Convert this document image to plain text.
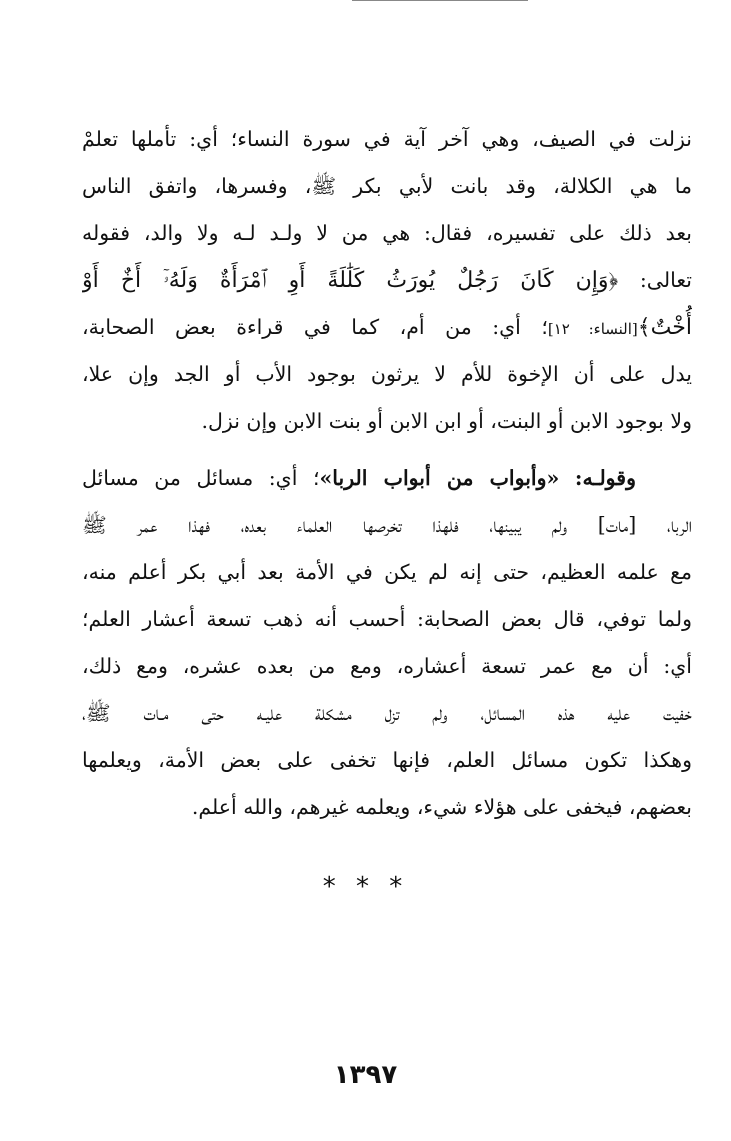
نزلت في الصيف، وهي آخر آية في سورة النساء؛ أي: تأملها تعلمْ
ما هي الكلالة، وقد بانت لأبي بكر ﷺ، وفسرها، واتفق الناس
بعد ذلك على تفسيره، فقال: هي من لا ولـد لـه ولا والد، فقوله
تعالى: ﴿وَإِن كَانَ رَجُلٌ يُورَثُ كَلَٰلَةً أَوِ ٱمْرَأَةٌ وَلَهُۥٓ أَخٌ أَوْ
أُخْتٌ﴾[النساء: ١٢]؛ أي: من أم، كما في قراءة بعض الصحابة،
يدل على أن الإخوة للأم لا يرثون بوجود الأب أو الجد وإن علا،
ولا بوجود الابن أو البنت، أو ابن الابن أو بنت الابن وإن نزل.
وقولـه: «وأبواب من أبواب الربا»؛ أي: مسائل من مسائل
الربا، [مات] ولم يبينها، فلهذا تخرصها العلماء بعده، فهذا عمر ﷺ
مع علمه العظيم، حتى إنه لم يكن في الأمة بعد أبي بكر أعلم منه،
ولما توفي، قال بعض الصحابة: أحسب أنه ذهب تسعة أعشار العلم؛
أي: أن مع عمر تسعة أعشاره، ومع من بعده عشره، ومع ذلك،
خفيت عليه هذه المسائل، ولم تزل مشكلة عليـه حتى مـات ﷺ،
وهكذا تكون مسائل العلم، فإنها تخفى على بعض الأمة، ويعلمها
بعضهم، فيخفى على هؤلاء شيء، ويعلمه غيرهم، والله أعلم.
* * *
١٣٩٧
